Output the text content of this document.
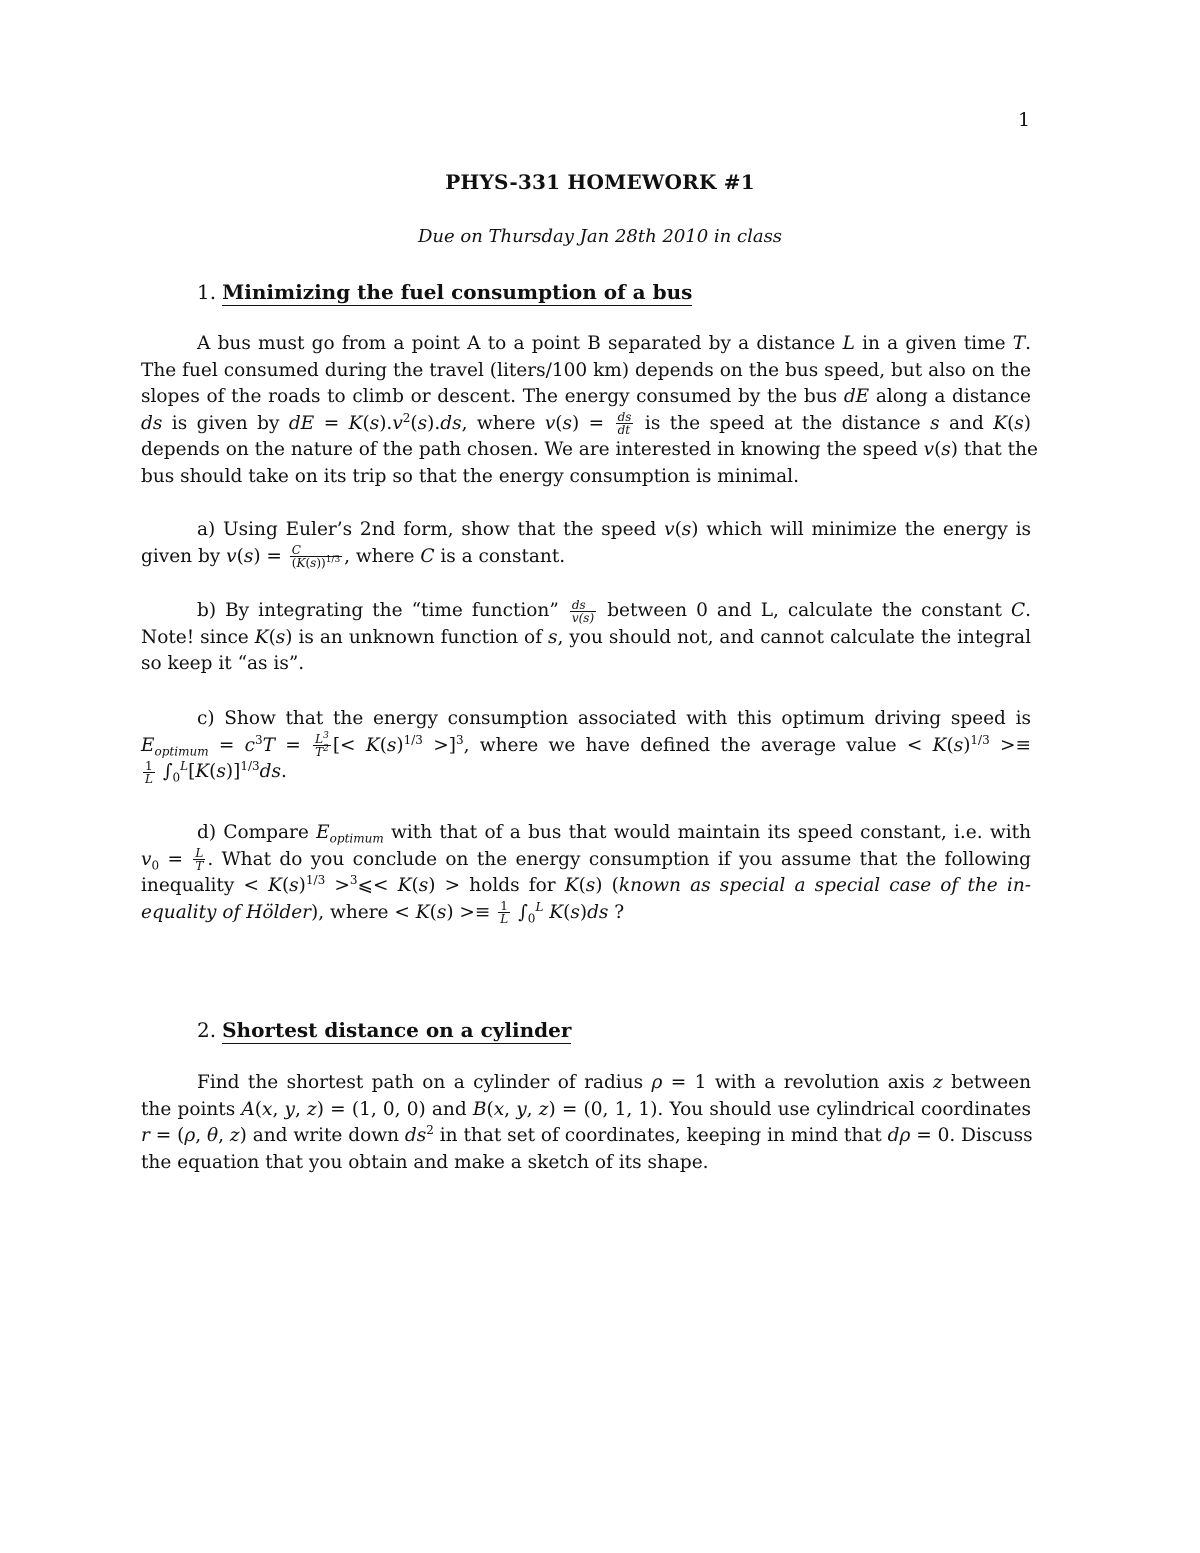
1
PHYS-331 HOMEWORK #1
Due on Thursday Jan 28th 2010 in class
1. Minimizing the fuel consumption of a bus
A bus must go from a point A to a point B separated by a distance L in a given time T.
The fuel consumed during the travel (liters/100 km) depends on the bus speed, but also on the
slopes of the roads to climb or descent. The energy consumed by the bus dE along a distance
ds is given by dE = $K(s).v^2(s).ds$, where $v(s) = \frac{ds}{dt}$ is the speed at the distance s and K(s)
depends on the nature of the path chosen. We are interested in knowing the speed v(s) that the
bus should take on its trip so that the energy consumption is minimal.
a) Using Euler’s 2nd form, show that the speed v(s) which will minimize the energy is
given by $v(s) = \frac{C}{(K(s))^{1/3}}$ , where C is a constant.
b) By integrating the “time function” $\frac{ds}{v(s)}$ between 0 and L, calculate the constant C.
Note! since K(s) is an unknown function of s, you should not, and cannot calculate the integral
so keep it “as is”.
c) Show that the energy consumption associated with this optimum driving speed is
$E_{optimum} = c^3T = \frac{L^3}{T^2}$ [< $K(s)^{1/3} >]^3$, where we have defined the average value < $K(s)^{1/3}$ >≡
$\frac{1}{L} \int_0^L[K(s)]^{1/3}ds$.
d) Compare $E_{optimum}$ with that of a bus that would maintain its speed constant, i.e. with
$v_0 = \frac{L}{T}$ . What do you conclude on the energy consumption if you assume that the following
inequality < $K(s)^{1/3}$ >$^3$⩽< K(s) > holds for K(s) (known as special a special case of the in-
equality of Hölder), where < $K(s) >\equiv \frac{1}{L} \int_0^L$ K(s)ds ?
2. Shortest distance on a cylinder
Find the shortest path on a cylinder of radius ρ = 1 with a revolution axis z between
the points A(x, y, z) = (1, 0, 0) and B(x, y, z) = (0, 1, 1). You should use cylindrical coordinates
r = (ρ, θ, z) and write down $ds^2$ in that set of coordinates, keeping in mind that dρ = 0. Discuss
the equation that you obtain and make a sketch of its shape.
